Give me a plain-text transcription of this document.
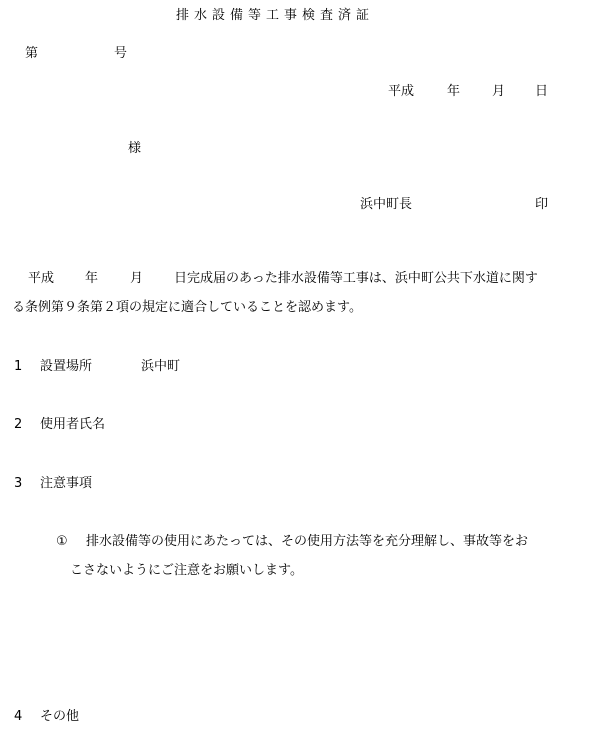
排水設備等工事検査済証
第	号
平成	年 月 日
様
浜中町長	印
平成 年 月 日完成届のあった排水設備等工事は、浜中町公共下水道に関す
る条例第９条第２項の規定に適合していることを認めます。
1 設置場所	浜中町
2 使用者氏名
3 注意事項
① 排水設備等の使用にあたっては、その使用方法等を充分理解し、事故等をお
こさないようにご注意をお願いします。
4 その他
